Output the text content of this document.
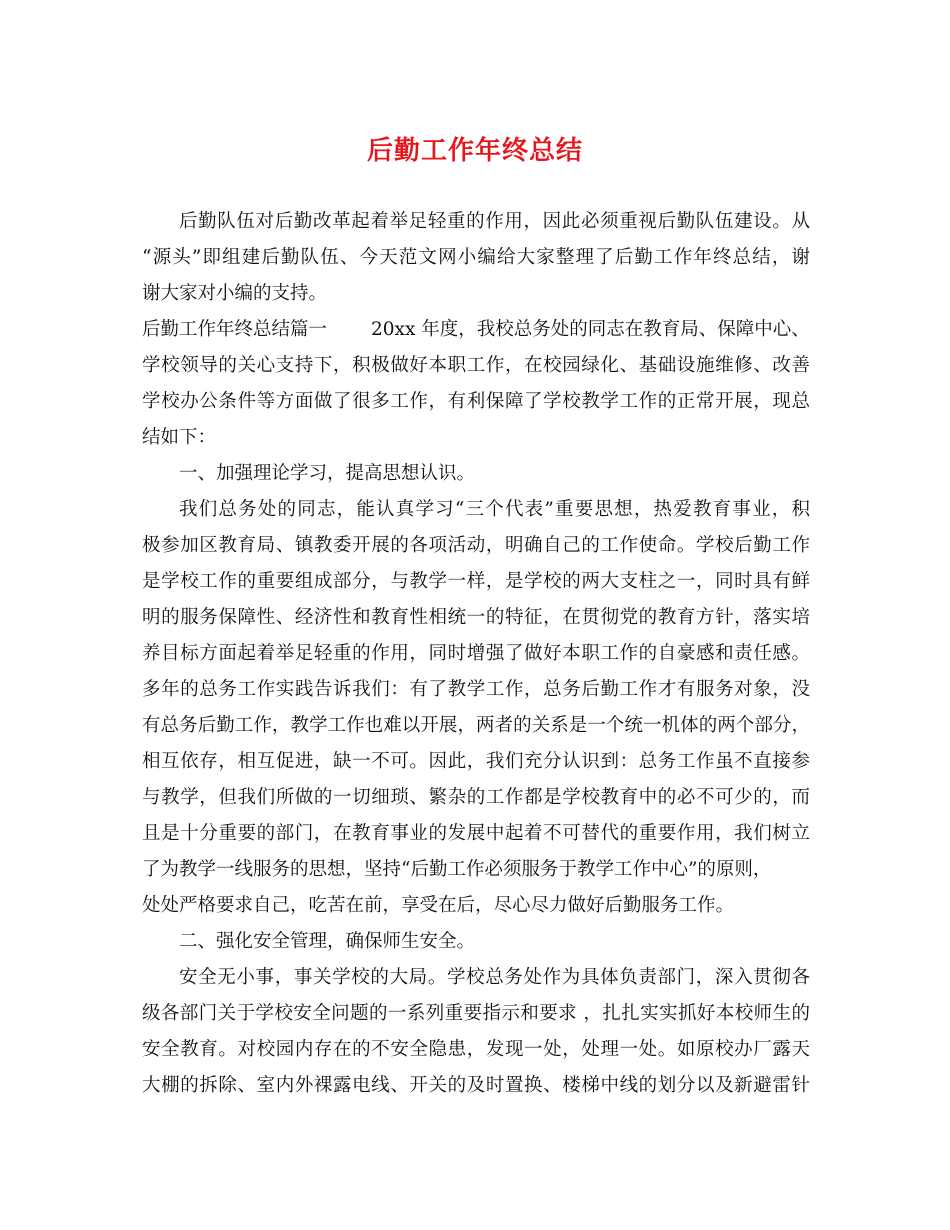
后勤工作年终总结
后勤队伍对后勤改革起着举足轻重的作用，因此必须重视后勤队伍建设。从
“源头”即组建后勤队伍、今天范文网小编给大家整理了后勤工作年终总结，谢
谢大家对小编的支持。
后勤工作年终总结篇一 20xx 年度，我校总务处的同志在教育局、保障中心、
学校领导的关心支持下，积极做好本职工作，在校园绿化、基础设施维修、改善
学校办公条件等方面做了很多工作，有利保障了学校教学工作的正常开展，现总
结如下：
一、加强理论学习，提高思想认识。
我们总务处的同志，能认真学习“三个代表”重要思想，热爱教育事业，积
极参加区教育局、镇教委开展的各项活动，明确自己的工作使命。学校后勤工作
是学校工作的重要组成部分，与教学一样，是学校的两大支柱之一，同时具有鲜
明的服务保障性、经济性和教育性相统一的特征，在贯彻党的教育方针，落实培
养目标方面起着举足轻重的作用，同时增强了做好本职工作的自豪感和责任感。
多年的总务工作实践告诉我们：有了教学工作，总务后勤工作才有服务对象，没
有总务后勤工作，教学工作也难以开展，两者的关系是一个统一机体的两个部分，
相互依存，相互促进，缺一不可。因此，我们充分认识到：总务工作虽不直接参
与教学，但我们所做的一切细琐、繁杂的工作都是学校教育中的必不可少的，而
且是十分重要的部门，在教育事业的发展中起着不可替代的重要作用，我们树立
了为教学一线服务的思想，坚持“后勤工作必须服务于教学工作中心”的原则，
处处严格要求自己，吃苦在前，享受在后，尽心尽力做好后勤服务工作。
二、强化安全管理，确保师生安全。
安全无小事，事关学校的大局。学校总务处作为具体负责部门，深入贯彻各
级各部门关于学校安全问题的一系列重要指示和要求 ，扎扎实实抓好本校师生的
安全教育。对校园内存在的不安全隐患，发现一处，处理一处。如原校办厂露天
大棚的拆除、室内外裸露电线、开关的及时置换、楼梯中线的划分以及新避雷针
